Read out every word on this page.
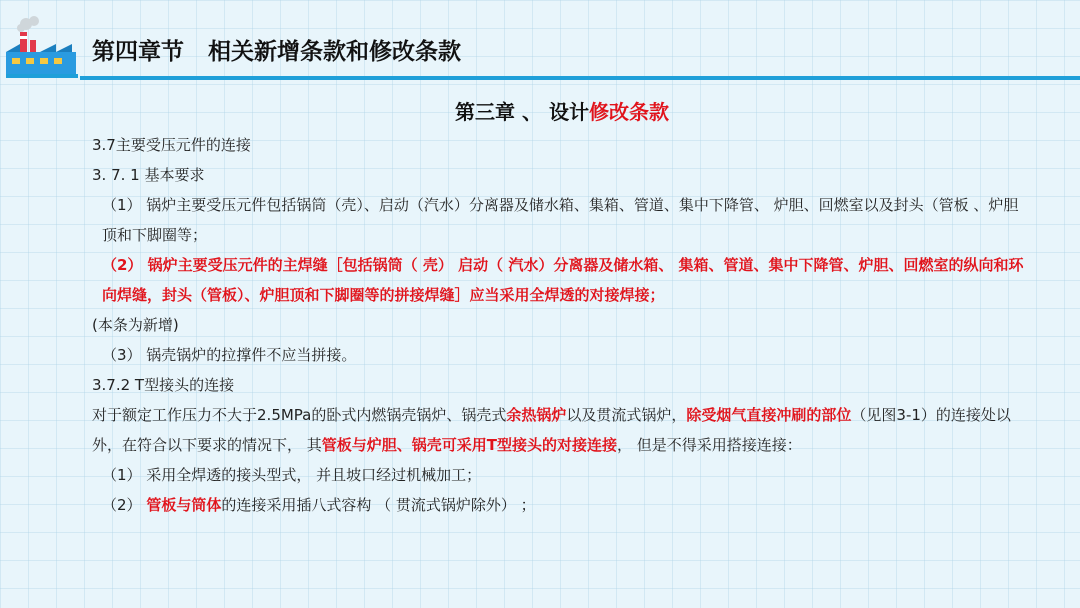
第四章节   相关新增条款和修改条款
第三章 、 设计修改条款

3.7主要受压元件的连接

3. 7. 1 基本要求

（1） 锅炉主要受压元件包括锅筒（壳）、启动（汽水）分离器及储水箱、集箱、管道、集中下降管、 炉胆、回燃室以及封头（管板 、炉胆顶和下脚圈等；

（2） 锅炉主要受压元件的主焊缝［包括锅筒（ 壳） 启动（ 汽水）分离器及储水箱、 集箱、管道、集中下降管、炉胆、回燃室的纵向和环向焊缝，封头（管板）、炉胆顶和下脚圈等的拼接焊缝］应当采用全焊透的对接焊接；

(本条为新增)

（3） 锅壳锅炉的拉撑件不应当拼接。

3.7.2 T型接头的连接

对于额定工作压力不大于2.5MPa的卧式内燃锅壳锅炉、锅壳式余热锅炉以及贯流式锅炉，除受烟气直接冲刷的部位（见图3-1）的连接处以外，在符合以下要求的情况下， 其管板与炉胆、锅壳可采用T型接头的对接连接， 但是不得采用搭接连接：

（1） 采用全焊透的接头型式， 并且坡口经过机械加工；

（2） 管板与筒体的连接采用插八式容构 （ 贯流式锅炉除外） ；
